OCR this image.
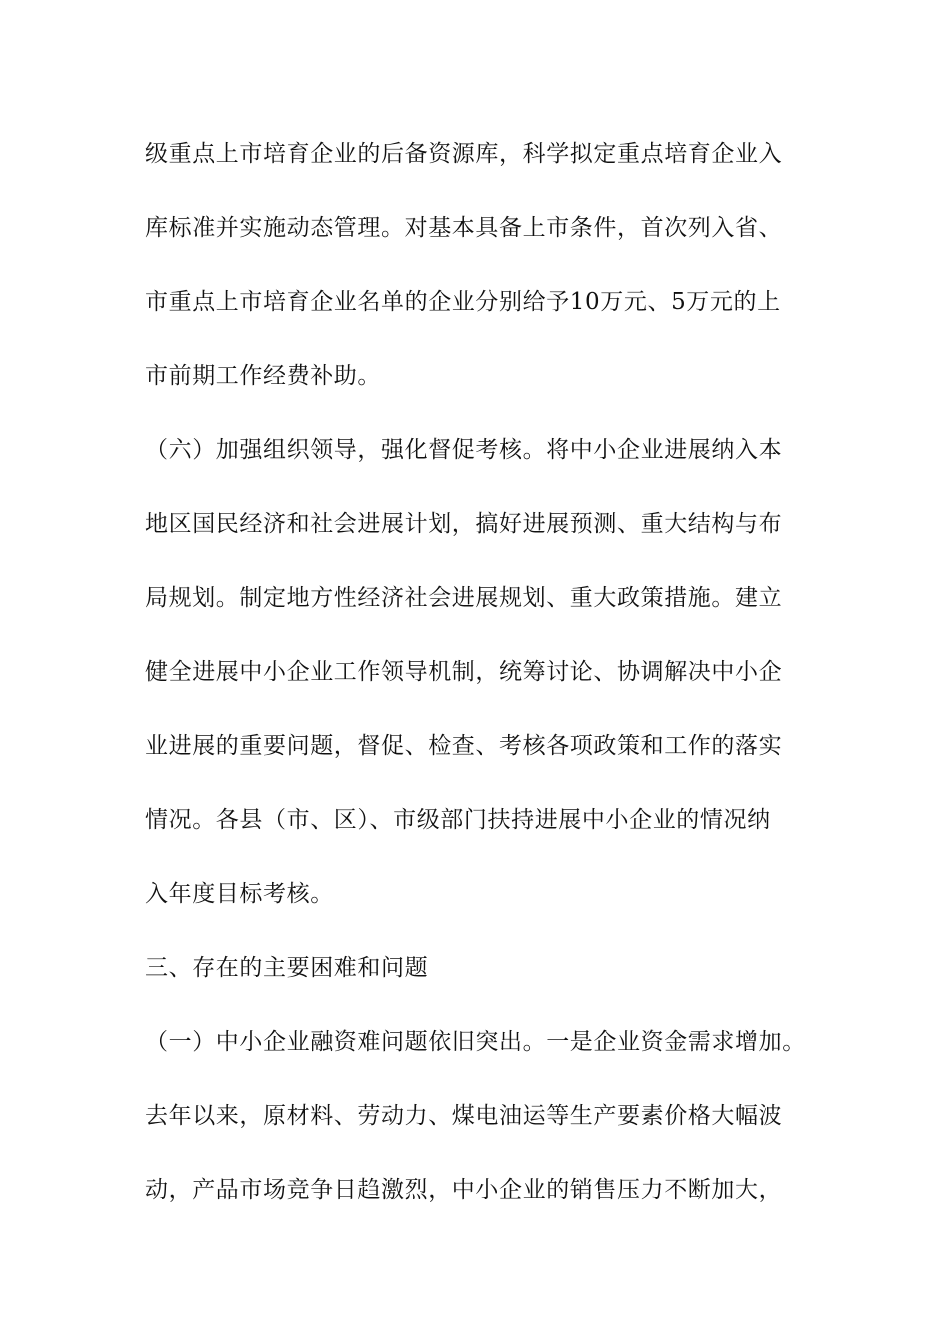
级重点上市培育企业的后备资源库，科学拟定重点培育企业入
库标准并实施动态管理。对基本具备上市条件，首次列入省、
市重点上市培育企业名单的企业分别给予10万元、5万元的上
市前期工作经费补助。
（六）加强组织领导，强化督促考核。将中小企业进展纳入本
地区国民经济和社会进展计划，搞好进展预测、重大结构与布
局规划。制定地方性经济社会进展规划、重大政策措施。建立
健全进展中小企业工作领导机制，统筹讨论、协调解决中小企
业进展的重要问题，督促、检查、考核各项政策和工作的落实
情况。各县（市、区）、市级部门扶持进展中小企业的情况纳
入年度目标考核。
三、存在的主要困难和问题
（一）中小企业融资难问题依旧突出。一是企业资金需求增加。
去年以来，原材料、劳动力、煤电油运等生产要素价格大幅波
动，产品市场竞争日趋激烈，中小企业的销售压力不断加大，
